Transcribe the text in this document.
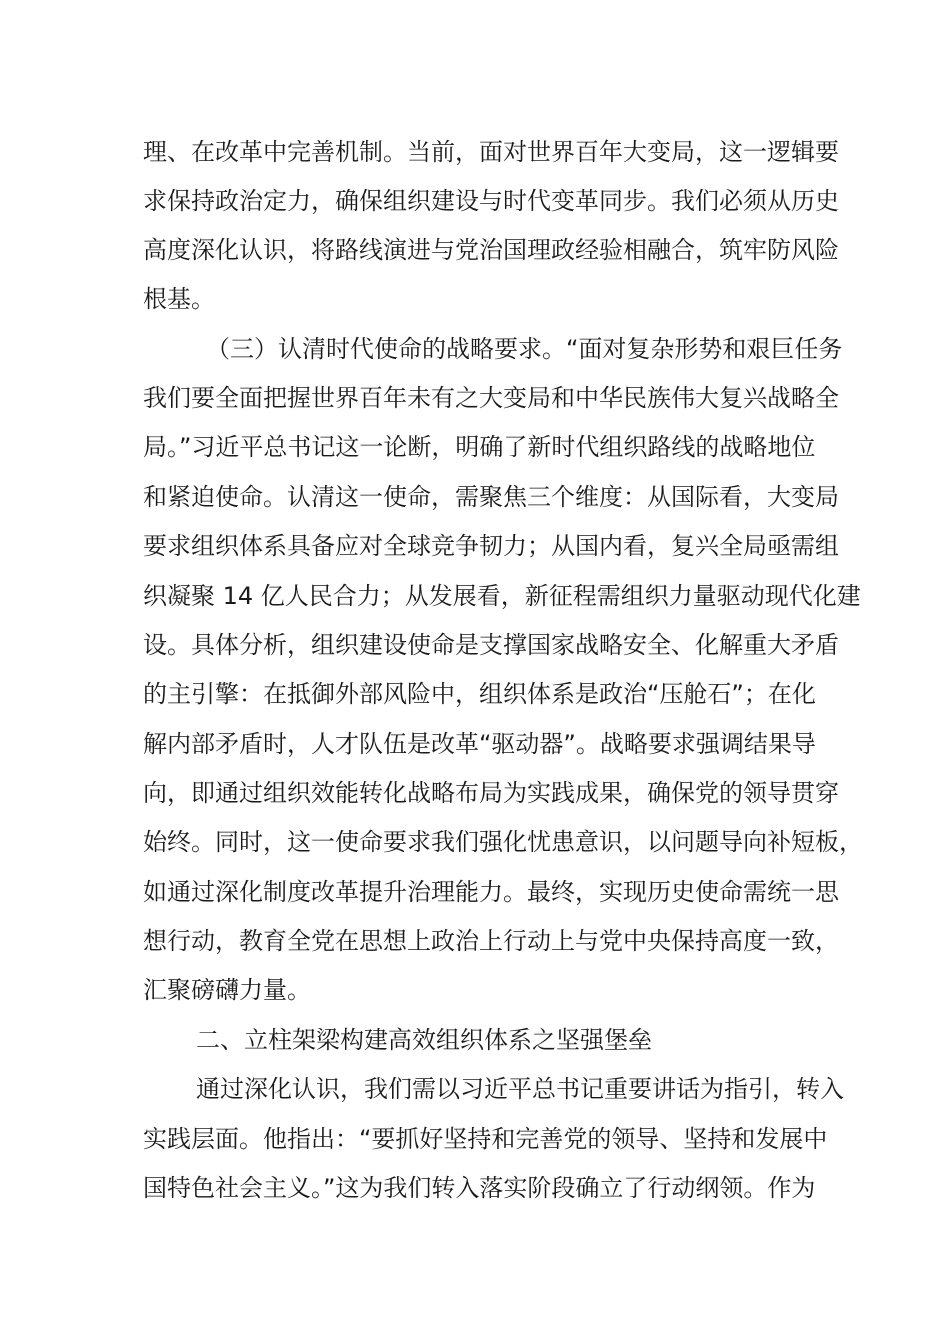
理、在改革中完善机制。当前，面对世界百年大变局，这一逻辑要
求保持政治定力，确保组织建设与时代变革同步。我们必须从历史
高度深化认识，将路线演进与党治国理政经验相融合，筑牢防风险
根基。
（三）认清时代使命的战略要求。“面对复杂形势和艰巨任务
我们要全面把握世界百年未有之大变局和中华民族伟大复兴战略全
局。”习近平总书记这一论断，明确了新时代组织路线的战略地位
和紧迫使命。认清这一使命，需聚焦三个维度：从国际看，大变局
要求组织体系具备应对全球竞争韧力；从国内看，复兴全局亟需组
织凝聚 14 亿人民合力；从发展看，新征程需组织力量驱动现代化建
设。具体分析，组织建设使命是支撑国家战略安全、化解重大矛盾
的主引擎：在抵御外部风险中，组织体系是政治“压舱石”；在化
解内部矛盾时，人才队伍是改革“驱动器”。战略要求强调结果导
向，即通过组织效能转化战略布局为实践成果，确保党的领导贯穿
始终。同时，这一使命要求我们强化忧患意识，以问题导向补短板，
如通过深化制度改革提升治理能力。最终，实现历史使命需统一思
想行动，教育全党在思想上政治上行动上与党中央保持高度一致，
汇聚磅礴力量。
二、立柱架梁构建高效组织体系之坚强堡垒
通过深化认识，我们需以习近平总书记重要讲话为指引，转入
实践层面。他指出：“要抓好坚持和完善党的领导、坚持和发展中
国特色社会主义。”这为我们转入落实阶段确立了行动纲领。作为
